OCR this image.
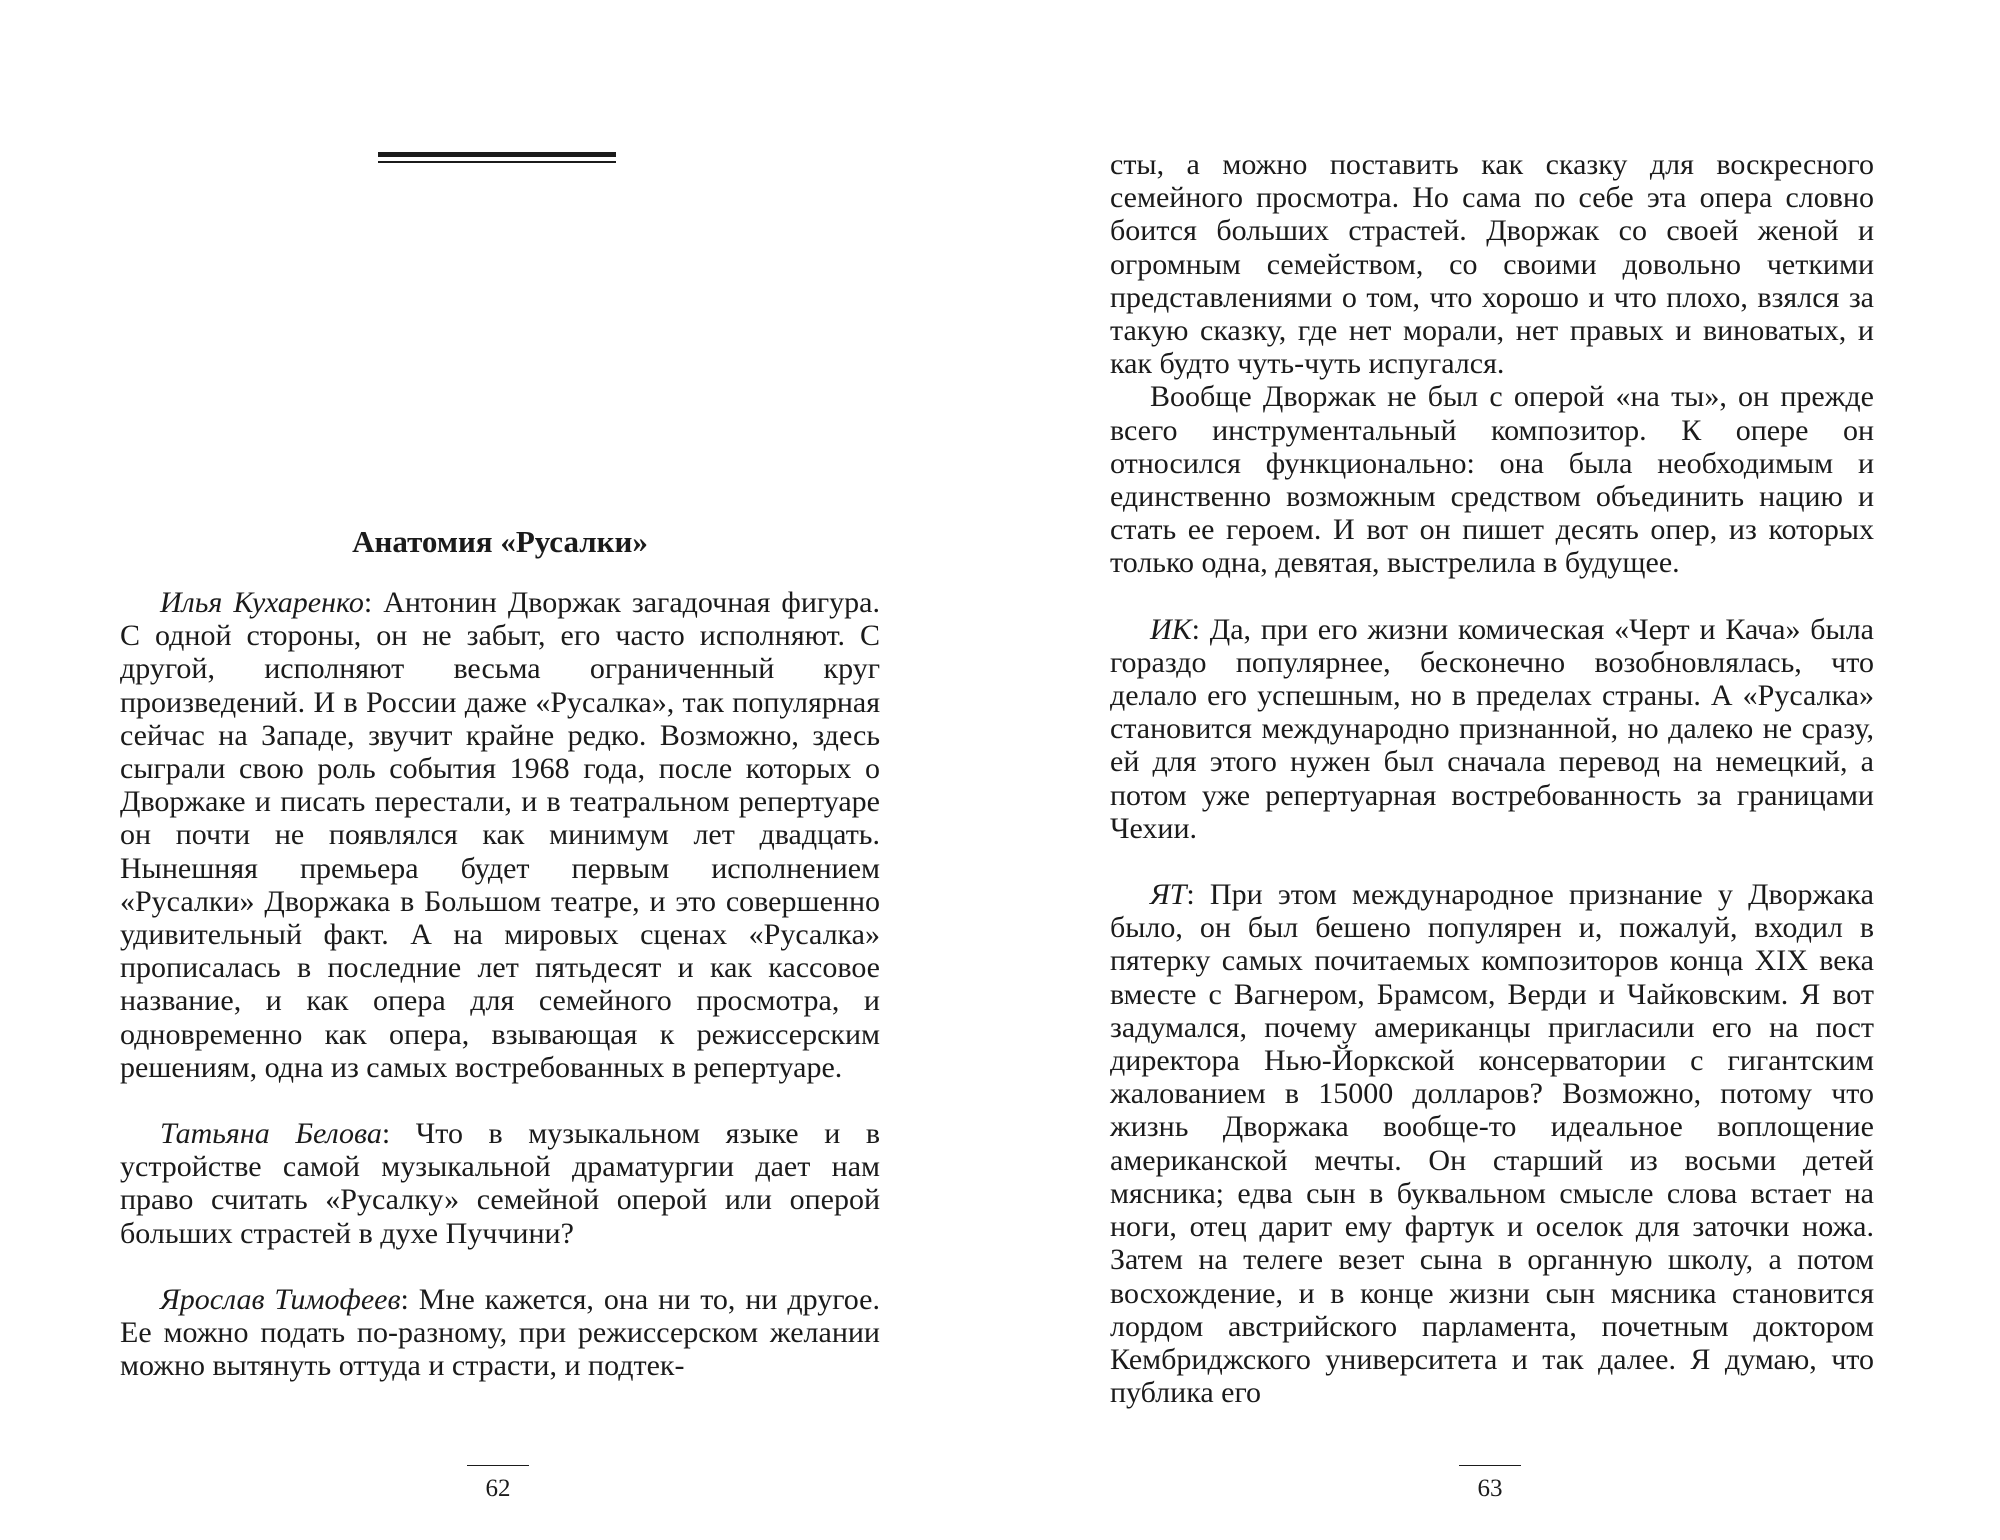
Анатомия «Русалки»

Илья Кухаренко: Антонин Дворжак загадочная фигура. С одной стороны, он не забыт, его часто исполняют. С другой, исполняют весьма ограниченный круг произведений. И в России даже «Русалка», так популярная сейчас на Западе, звучит крайне редко. Возможно, здесь сыграли свою роль события 1968 года, после которых о Дворжаке и писать перестали, и в театральном репертуаре он почти не появлялся как минимум лет двадцать. Нынешняя премьера будет первым исполнением «Русалки» Дворжака в Большом театре, и это совершенно удивительный факт. А на мировых сценах «Русалка» прописалась в последние лет пятьдесят и как кассовое название, и как опера для семейного просмотра, и одновременно как опера, взывающая к режиссерским решениям, одна из самых востребованных в репертуаре.

Татьяна Белова: Что в музыкальном языке и в устройстве самой музыкальной драматургии дает нам право считать «Русалку» семейной оперой или оперой больших страстей в духе Пуччини?

Ярослав Тимофеев: Мне кажется, она ни то, ни другое. Ее можно подать по-разному, при режиссерском желании можно вытянуть оттуда и страсти, и подтек-

62

сты, а можно поставить как сказку для воскресного семейного просмотра. Но сама по себе эта опера словно боится больших страстей. Дворжак со своей женой и огромным семейством, со своими довольно четкими представлениями о том, что хорошо и что плохо, взялся за такую сказку, где нет морали, нет правых и виноватых, и как будто чуть-чуть испугался.

Вообще Дворжак не был с оперой «на ты», он прежде всего инструментальный композитор. К опере он относился функционально: она была необходимым и единственно возможным средством объединить нацию и стать ее героем. И вот он пишет десять опер, из которых только одна, девятая, выстрелила в будущее.

ИК: Да, при его жизни комическая «Черт и Кача» была гораздо популярнее, бесконечно возобновлялась, что делало его успешным, но в пределах страны. А «Русалка» становится международно признанной, но далеко не сразу, ей для этого нужен был сначала перевод на немецкий, а потом уже репертуарная востребованность за границами Чехии.

ЯТ: При этом международное признание у Дворжака было, он был бешено популярен и, пожалуй, входил в пятерку самых почитаемых композиторов конца XIX века вместе с Вагнером, Брамсом, Верди и Чайковским. Я вот задумался, почему американцы пригласили его на пост директора Нью-Йоркской консерватории с гигантским жалованием в 15000 долларов? Возможно, потому что жизнь Дворжака вообще-то идеальное воплощение американской мечты. Он старший из восьми детей мясника; едва сын в буквальном смысле слова встает на ноги, отец дарит ему фартук и оселок для заточки ножа. Затем на телеге везет сына в органную школу, а потом восхождение, и в конце жизни сын мясника становится лордом австрийского парламента, почетным доктором Кембриджского университета и так далее. Я думаю, что публика его

63
